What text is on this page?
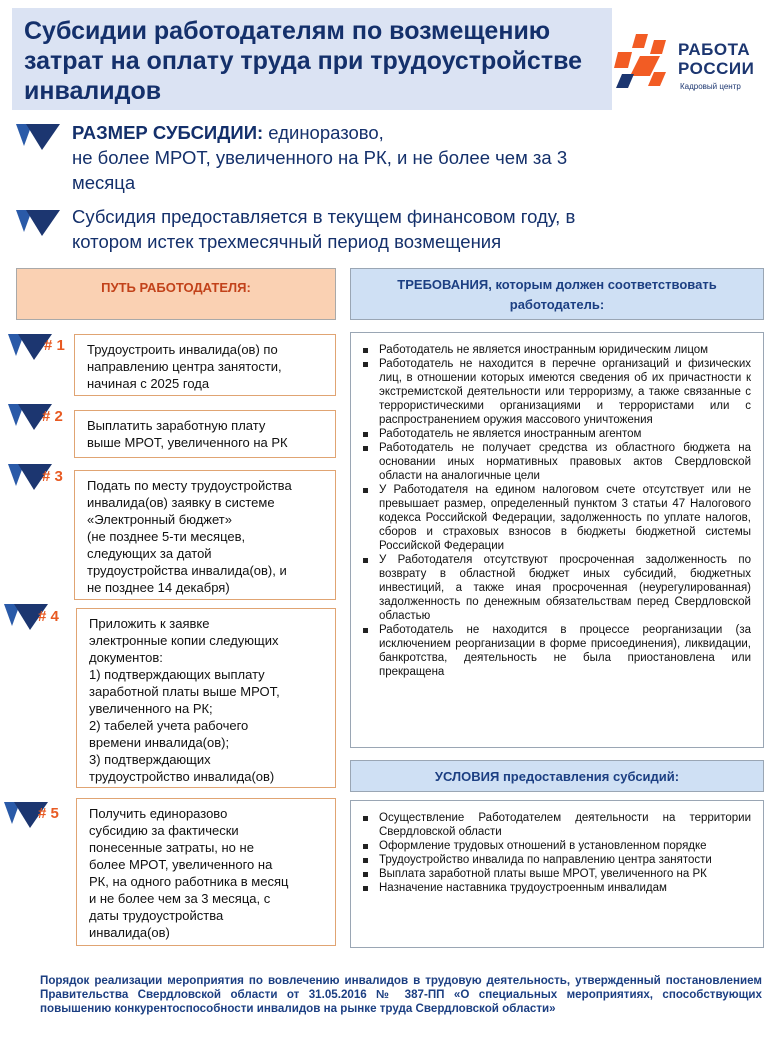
Субсидии работодателям по возмещению затрат на оплату труда при трудоустройстве инвалидов
РАБОТА
РОССИИ
Кадровый центр
РАЗМЕР СУБСИДИИ: единоразово,
не более МРОТ, увеличенного на РК, и не более чем за 3
месяца
Субсидия предоставляется в текущем финансовом году, в
котором истек трехмесячный период возмещения
ПУТЬ РАБОТОДАТЕЛЯ:	ТРЕБОВАНИЯ, которым должен соответствовать работодатель:
# 1 Трудоустроить инвалида(ов) по
направлению центра занятости,
начиная с 2025 года
# 2
Выплатить заработную плату
выше МРОТ, увеличенного на РК
# 3
Подать по месту трудоустройства
инвалида(ов) заявку в системе
«Электронный бюджет»
(не позднее 5-ти месяцев,
следующих за датой
трудоустройства инвалида(ов), и
не позднее 14 декабря)
# 4 Приложить к заявке
электронные копии следующих
документов:
1) подтверждающих выплату
заработной платы выше МРОТ,
увеличенного на РК;
2) табелей учета рабочего
времени инвалида(ов);
3) подтверждающих
трудоустройство инвалида(ов)
# 5 Получить единоразово
субсидию за фактически
понесенные затраты, но не
более МРОТ, увеличенного на
РК, на одного работника в месяц
и не более чем за 3 месяца, с
даты трудоустройства
инвалида(ов)
Работодатель не является иностранным юридическим лицом
Работодатель не находится в перечне организаций и физических лиц, в отношении которых имеются сведения об их причастности к экстремистской деятельности или терроризму, а также связанные с террористическими организациями и террористами или с распространением оружия массового уничтожения
Работодатель не является иностранным агентом
Работодатель не получает средства из областного бюджета на основании иных нормативных правовых актов Свердловской области на аналогичные цели
У Работодателя на едином налоговом счете отсутствует или не превышает размер, определенный пунктом 3 статьи 47 Налогового кодекса Российской Федерации, задолженность по уплате налогов, сборов и страховых взносов в бюджеты бюджетной системы Российской Федерации
У Работодателя отсутствуют просроченная задолженность по возврату в областной бюджет иных субсидий, бюджетных инвестиций, а также иная просроченная (неурегулированная) задолженность по денежным обязательствам перед Свердловской областью
Работодатель не находится в процессе реорганизации (за исключением реорганизации в форме присоединения), ликвидации, банкротства, деятельность не была приостановлена или прекращена
УСЛОВИЯ предоставления субсидий:
Осуществление Работодателем деятельности на территории Свердловской области
Оформление трудовых отношений в установленном порядке
Трудоустройство инвалида по направлению центра занятости
Выплата заработной платы выше МРОТ, увеличенного на РК
Назначение наставника трудоустроенным инвалидам
Порядок реализации мероприятия по вовлечению инвалидов в трудовую деятельность, утвержденный постановлением Правительства Свердловской области от 31.05.2016 № 387-ПП «О специальных мероприятиях, способствующих повышению конкурентоспособности инвалидов на рынке труда Свердловской области»
